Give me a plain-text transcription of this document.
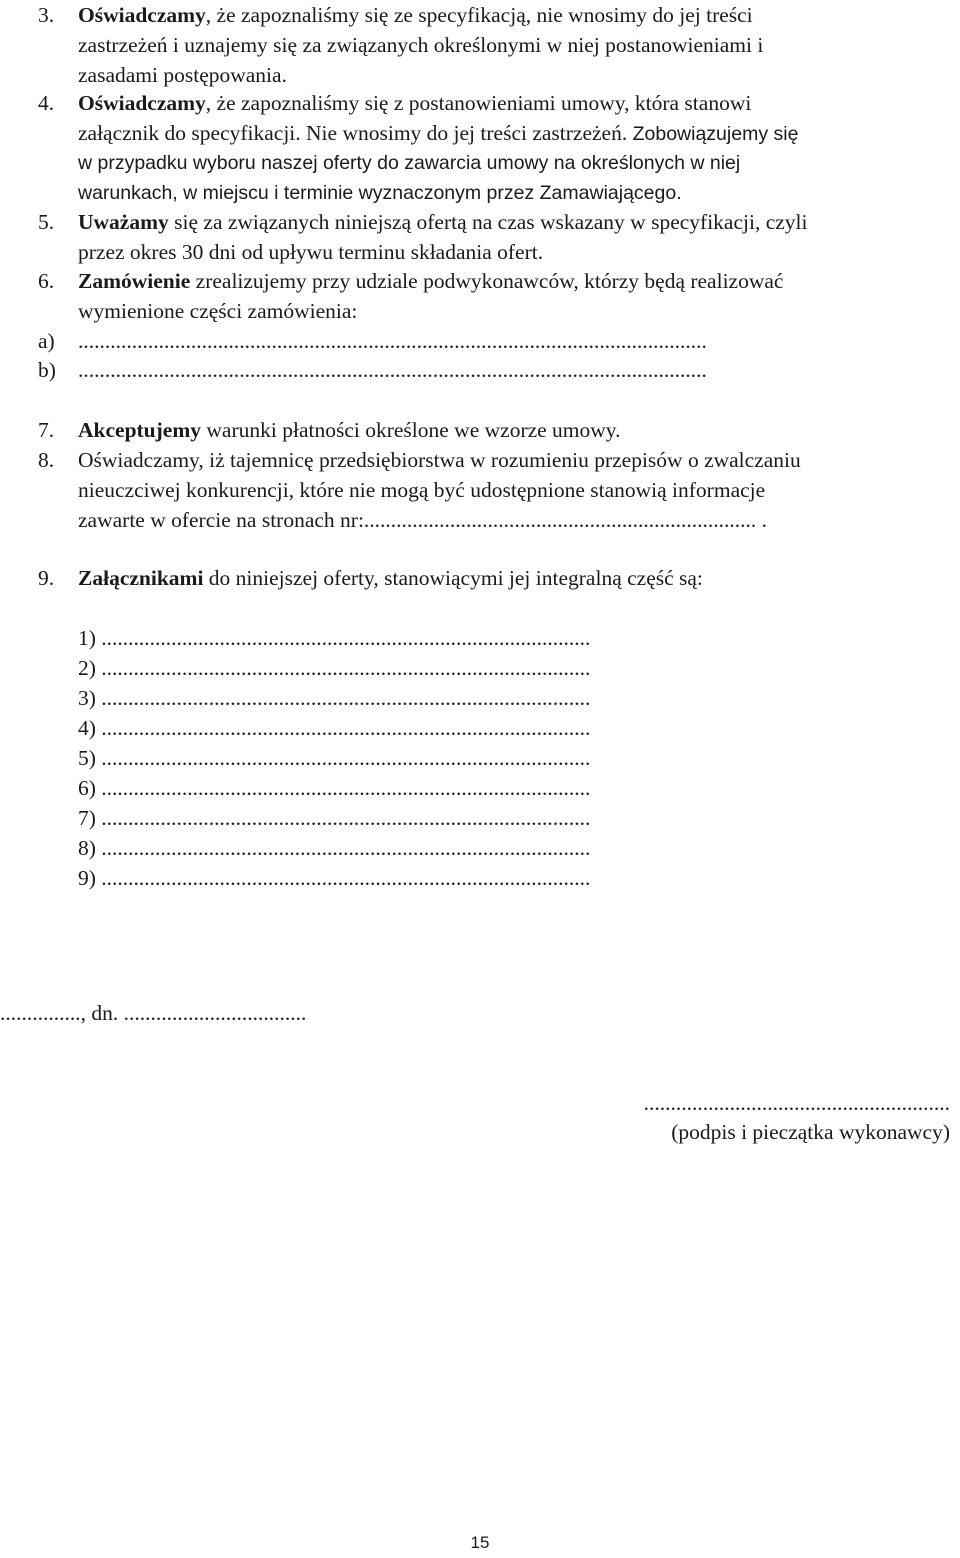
3. Oświadczamy, że zapoznaliśmy się ze specyfikacją, nie wnosimy do jej treści
zastrzeżeń i uznajemy się za związanych określonymi w niej postanowieniami i
zasadami postępowania.
4. Oświadczamy, że zapoznaliśmy się z postanowieniami umowy, która stanowi
załącznik do specyfikacji. Nie wnosimy do jej treści zastrzeżeń. Zobowiązujemy się
w przypadku wyboru naszej oferty do zawarcia umowy na określonych w niej
warunkach, w miejscu i terminie wyznaczonym przez Zamawiającego.
5. Uważamy się za związanych niniejszą ofertą na czas wskazany w specyfikacji, czyli
przez okres 30 dni od upływu terminu składania ofert.
6. Zamówienie zrealizujemy przy udziale podwykonawców, którzy będą realizować
wymienione części zamówienia:
a) .....................................................................................................................
b) .....................................................................................................................
7. Akceptujemy warunki płatności określone we wzorze umowy.
8. Oświadczamy, iż tajemnicę przedsiębiorstwa w rozumieniu przepisów o zwalczaniu
nieuczciwej konkurencji, które nie mogą być udostępnione stanowią informacje
zawarte w ofercie na stronach nr:......................................................................... .
9. Załącznikami do niniejszej oferty, stanowiącymi jej integralną część są:
1) ...........................................................................................
2) ...........................................................................................
3) ...........................................................................................
4) ...........................................................................................
5) ...........................................................................................
6) ...........................................................................................
7) ...........................................................................................
8) ...........................................................................................
9) ...........................................................................................
..............., dn. ..................................
.........................................................
(podpis i pieczątka wykonawcy)
15
